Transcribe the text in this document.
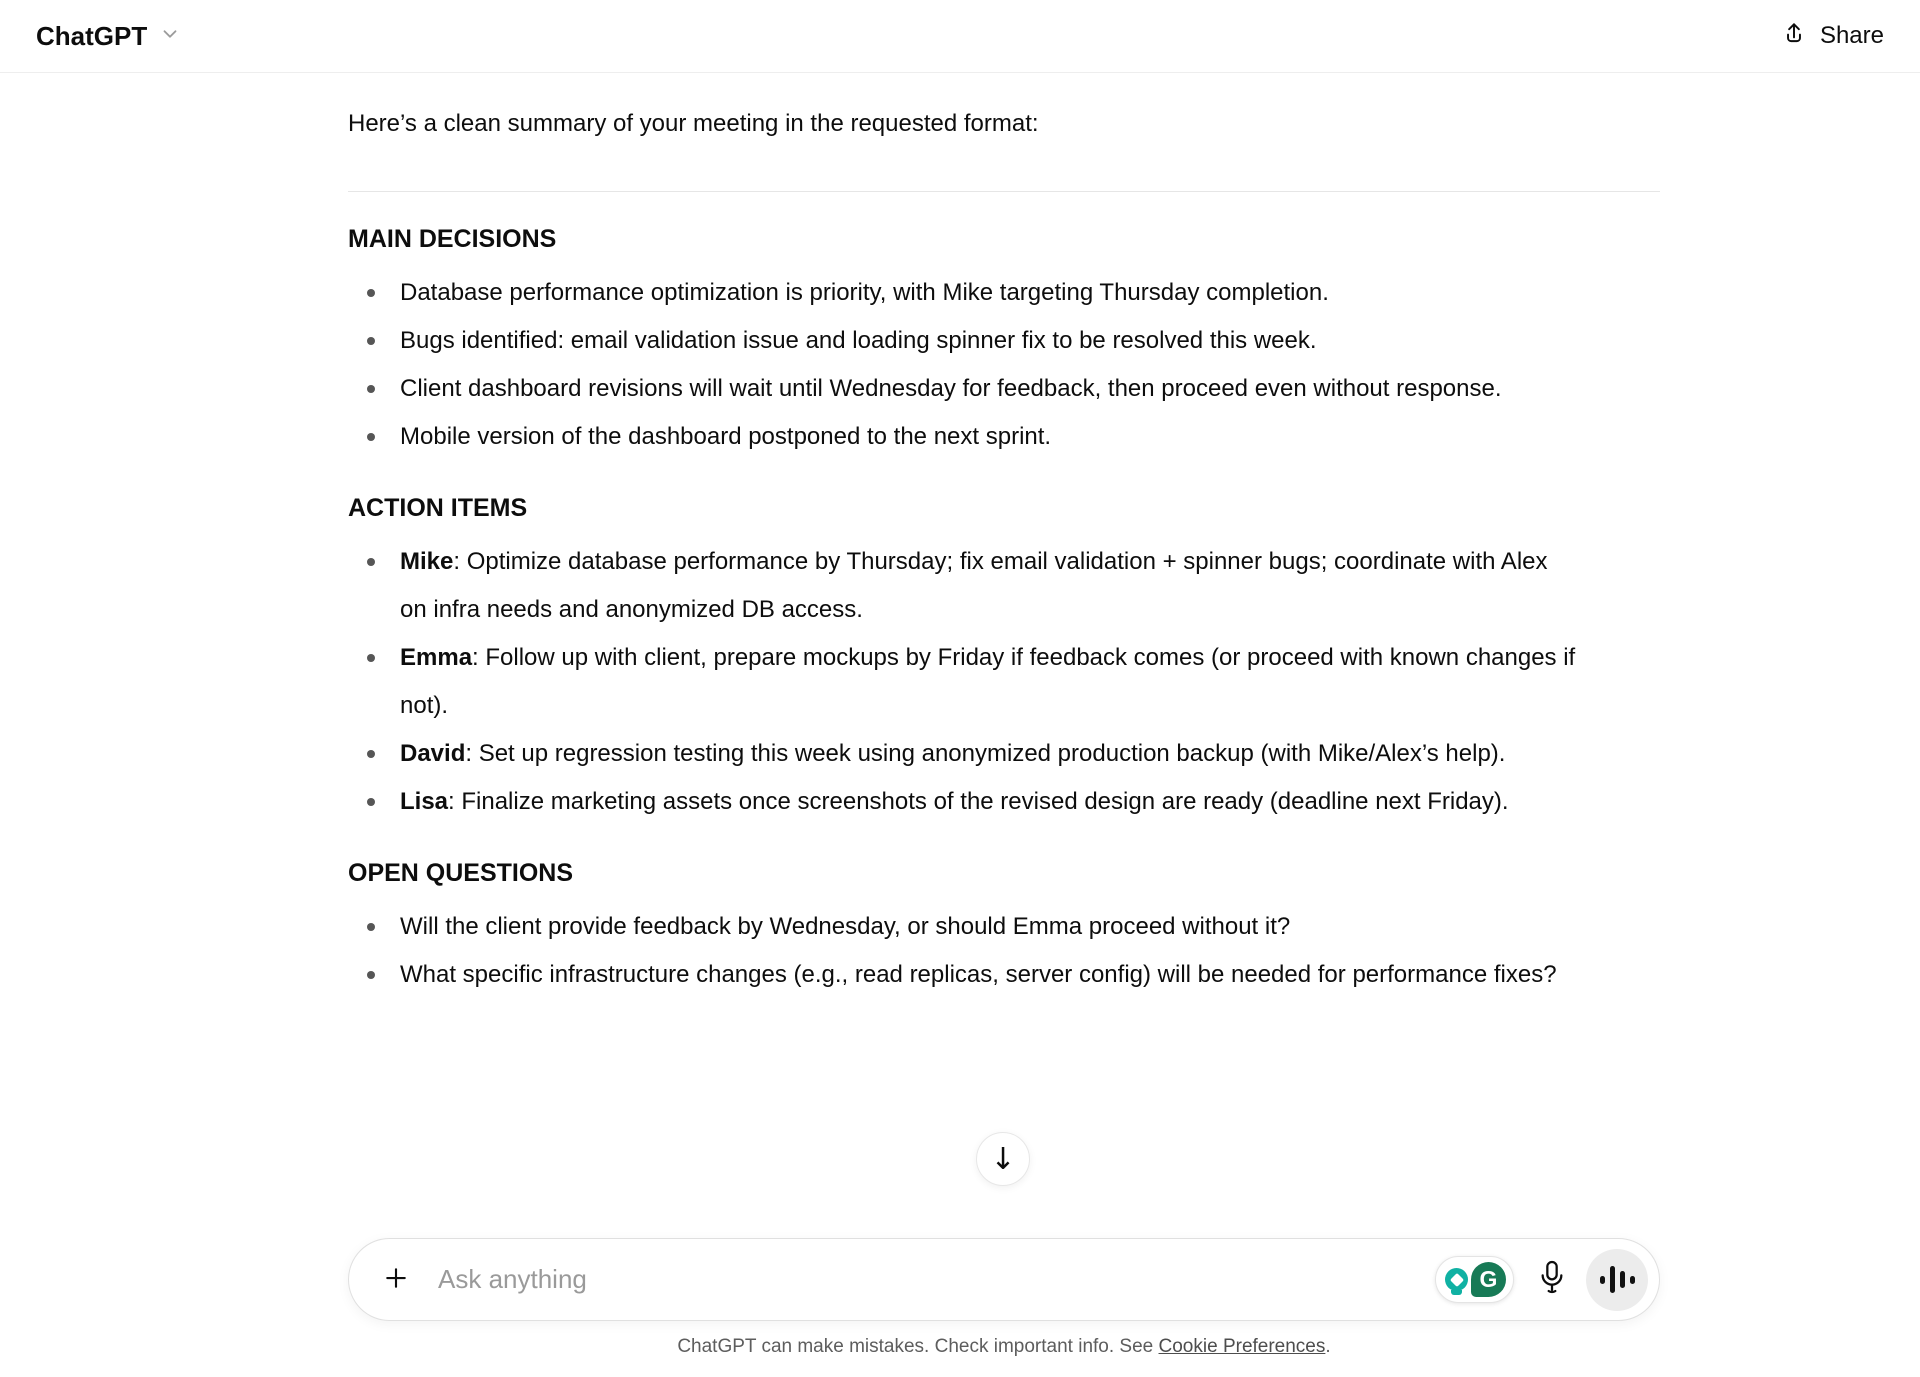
ChatGPT	Share

Here’s a clean summary of your meeting in the requested format:

MAIN DECISIONS
Database performance optimization is priority, with Mike targeting Thursday completion.
Bugs identified: email validation issue and loading spinner fix to be resolved this week.
Client dashboard revisions will wait until Wednesday for feedback, then proceed even without response.
Mobile version of the dashboard postponed to the next sprint.
ACTION ITEMS
Mike: Optimize database performance by Thursday; fix email validation + spinner bugs; coordinate with Alex on infra needs and anonymized DB access.
Emma: Follow up with client, prepare mockups by Friday if feedback comes (or proceed with known changes if not).
David: Set up regression testing this week using anonymized production backup (with Mike/Alex’s help).
Lisa: Finalize marketing assets once screenshots of the revised design are ready (deadline next Friday).
OPEN QUESTIONS
Will the client provide feedback by Wednesday, or should Emma proceed without it?
What specific infrastructure changes (e.g., read replicas, server config) will be needed for performance fixes?
↓
Ask anything
G

ChatGPT can make mistakes. Check important info. See Cookie Preferences.
